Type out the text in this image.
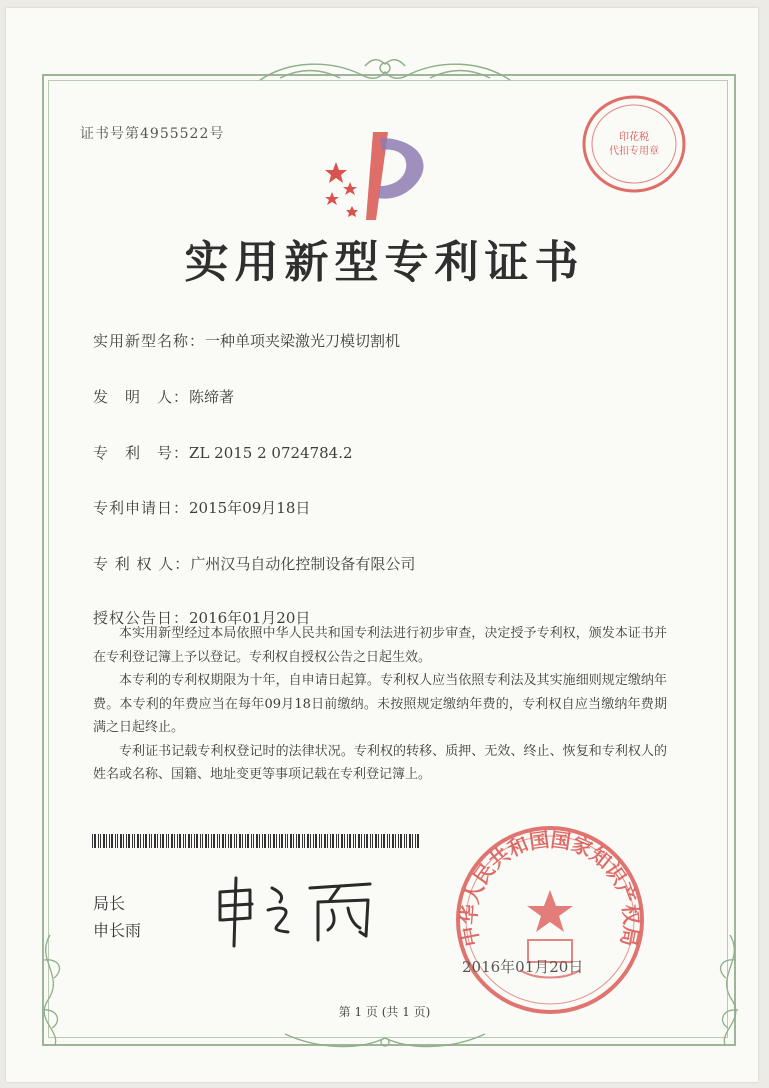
证书号第4955522号	印花税
代扣专用章
实用新型专利证书
实用新型名称：一种单项夹梁激光刀模切割机
发　明　人：陈缔著
专　利　号：ZL 2015 2 0724784.2
专利申请日：2015年09月18日
专 利 权 人：广州汉马自动化控制设备有限公司
授权公告日：2016年01月20日

本实用新型经过本局依照中华人民共和国专利法进行初步审查，决定授予专利权，颁发本证书并在专利登记簿上予以登记。专利权自授权公告之日起生效。

本专利的专利权期限为十年，自申请日起算。专利权人应当依照专利法及其实施细则规定缴纳年费。本专利的年费应当在每年09月18日前缴纳。未按照规定缴纳年费的，专利权自应当缴纳年费期满之日起终止。

专利证书记载专利权登记时的法律状况。专利权的转移、质押、无效、终止、恢复和专利权人的姓名或名称、国籍、地址变更等事项记载在专利登记簿上。

局长
申长雨	中华人民共和国国家知识产权局
2016年01月20日
第 1 页 (共 1 页)
